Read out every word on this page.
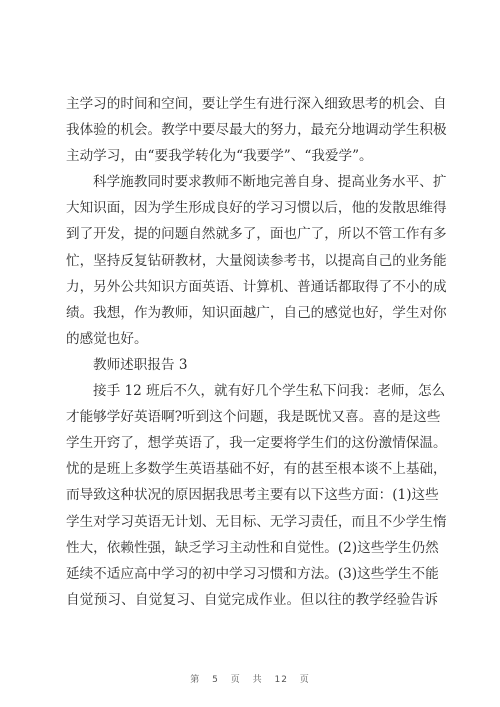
主学习的时间和空间，要让学生有进行深入细致思考的机会、自
我体验的机会。教学中要尽最大的努力，最充分地调动学生积极
主动学习，由“要我学转化为“我要学”、“我爱学”。
科学施教同时要求教师不断地完善自身、提高业务水平、扩
大知识面，因为学生形成良好的学习习惯以后，他的发散思维得
到了开发，提的问题自然就多了，面也广了，所以不管工作有多
忙，坚持反复钻研教材，大量阅读参考书，以提高自己的业务能
力，另外公共知识方面英语、计算机、普通话都取得了不小的成
绩。我想，作为教师，知识面越广，自己的感觉也好，学生对你
的感觉也好。
教师述职报告 3
接手 12 班后不久，就有好几个学生私下问我：老师，怎么
才能够学好英语啊?听到这个问题，我是既忧又喜。喜的是这些
学生开窍了，想学英语了，我一定要将学生们的这份激情保温。
忧的是班上多数学生英语基础不好，有的甚至根本谈不上基础，
而导致这种状况的原因据我思考主要有以下这些方面：(1)这些
学生对学习英语无计划、无目标、无学习责任，而且不少学生惰
性大，依赖性强，缺乏学习主动性和自觉性。(2)这些学生仍然
延续不适应高中学习的初中学习习惯和方法。(3)这些学生不能
自觉预习、自觉复习、自觉完成作业。但以往的教学经验告诉
第 5 页 共 12 页
